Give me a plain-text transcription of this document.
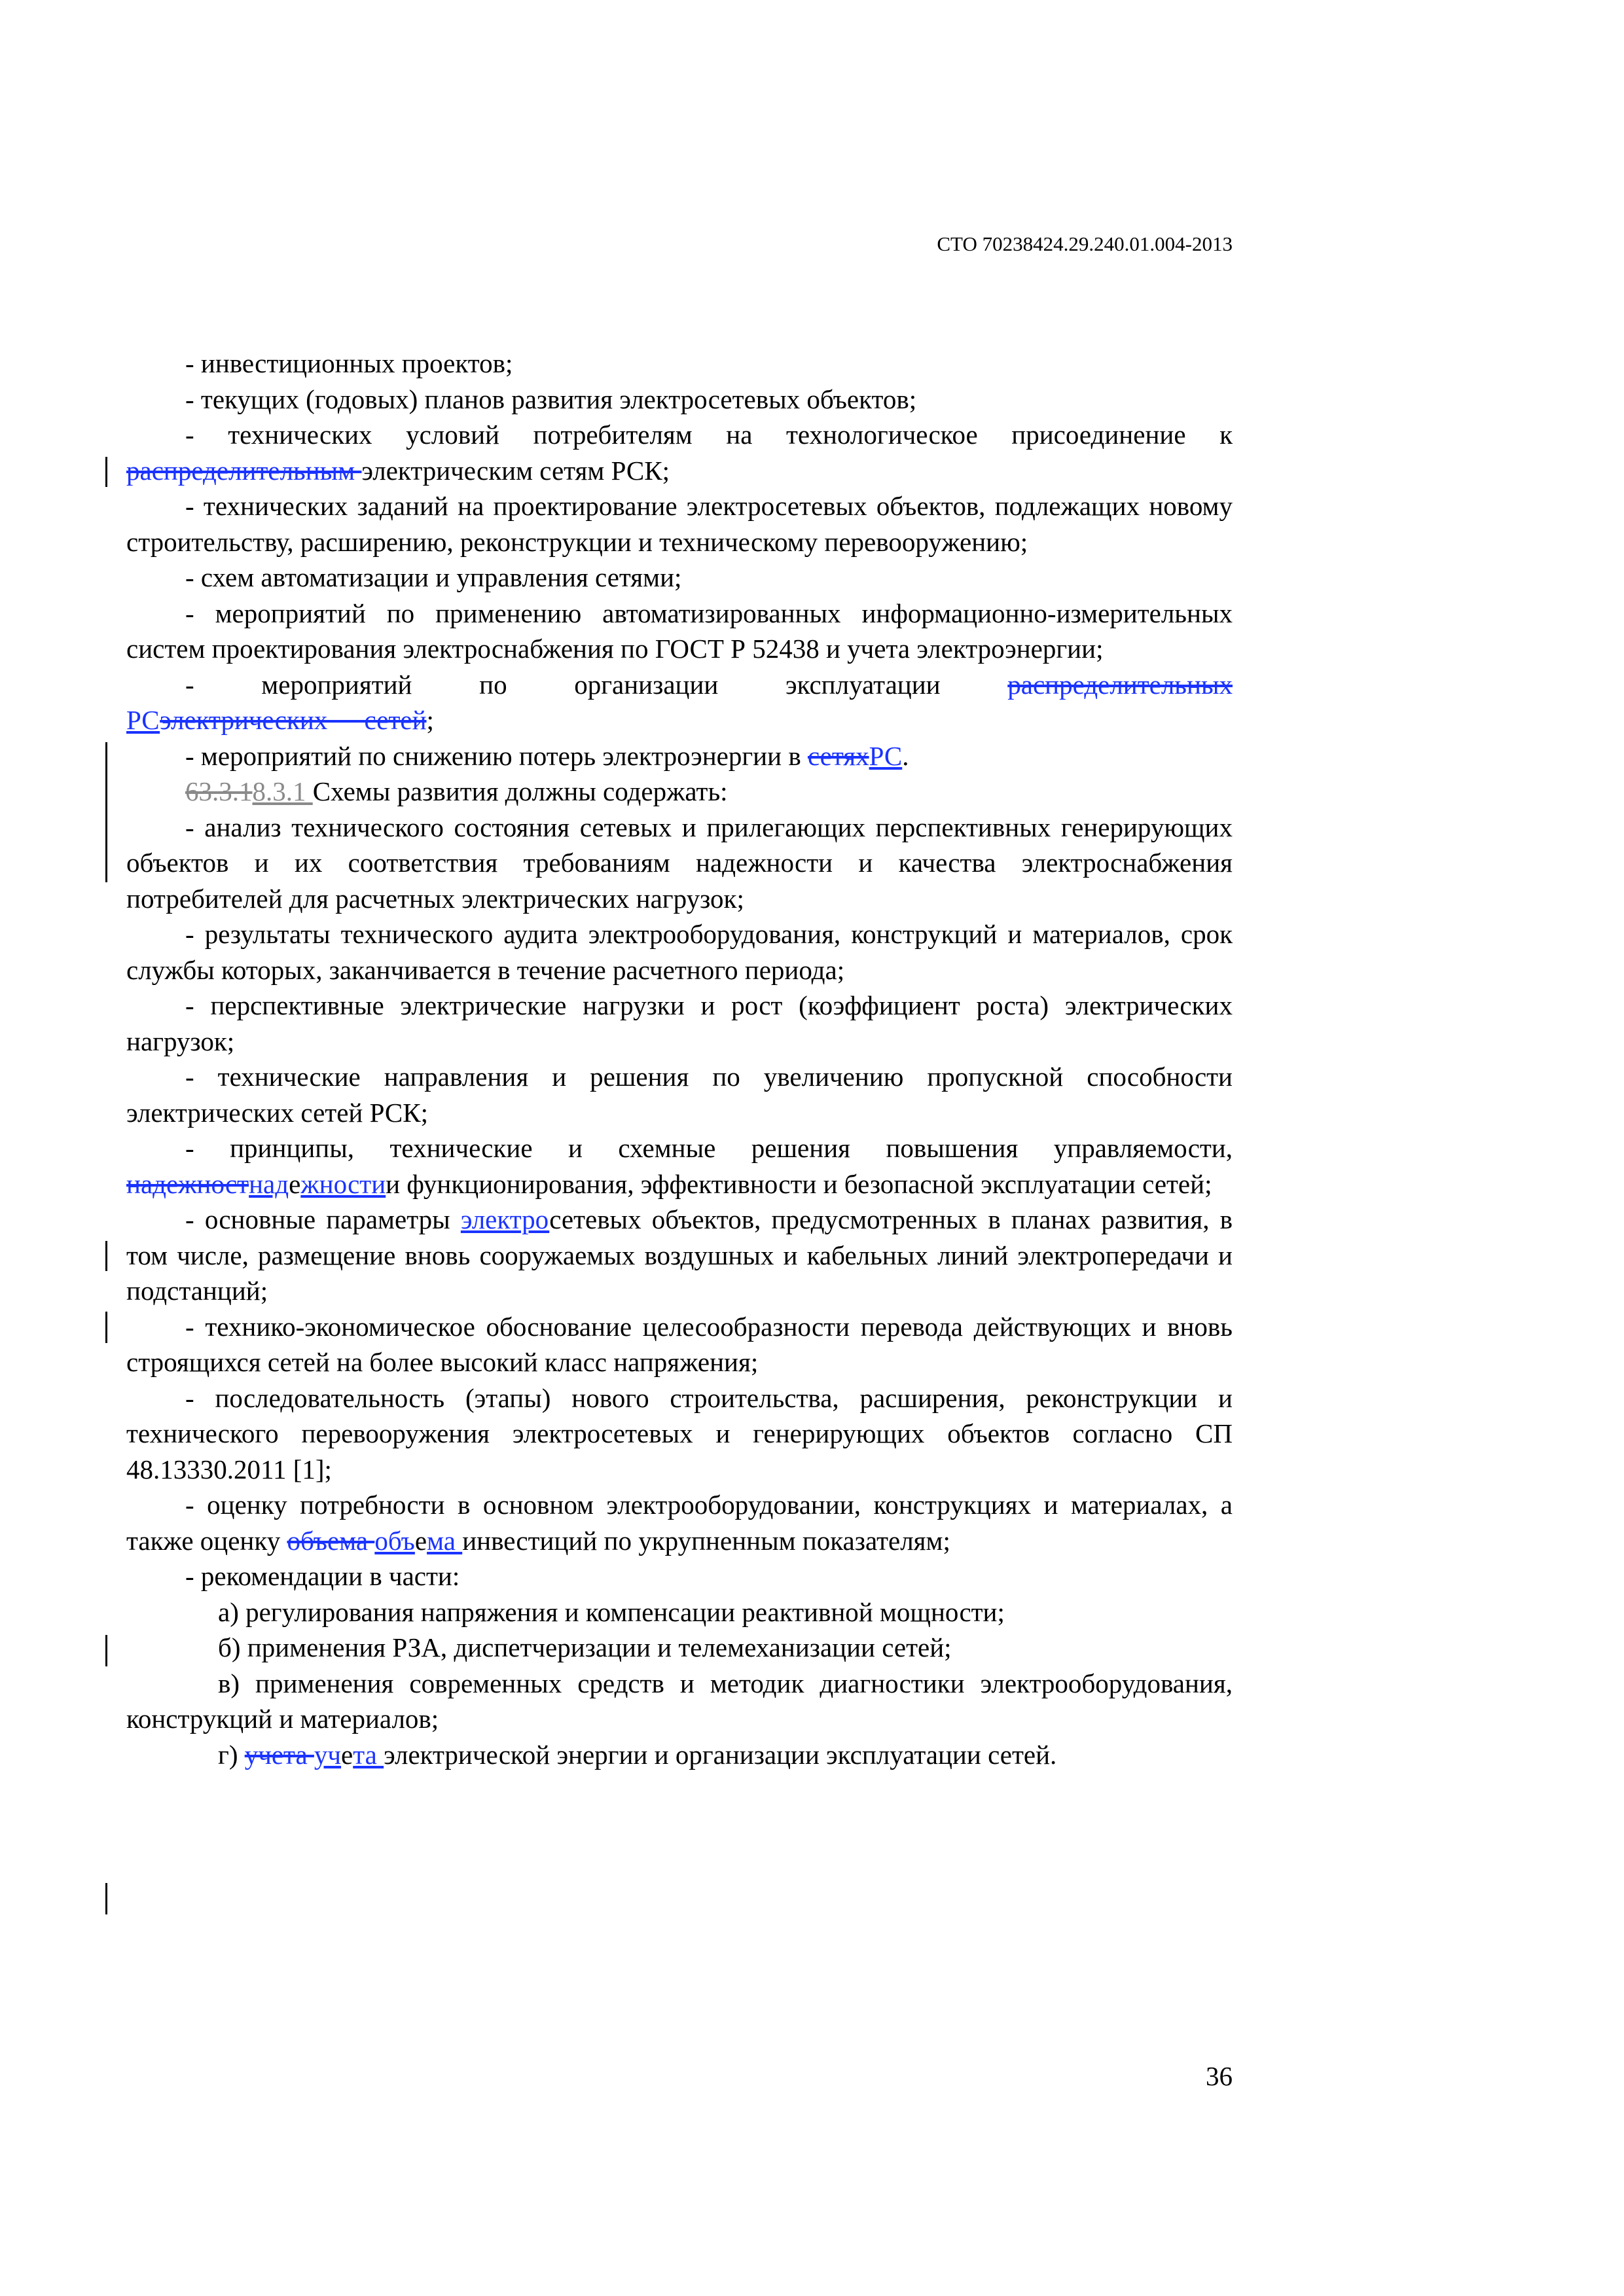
СТО 70238424.29.240.01.004-2013

- инвестиционных проектов;

- текущих (годовых) планов развития электросетевых объектов;

- технических условий потребителям на технологическое присоединение к

распределительным электрическим сетям РСК;

- технических заданий на проектирование электросетевых объектов, подлежащих новому строительству, расширению, реконструкции и техническому перевооружению;

- схем автоматизации и управления сетями;

- мероприятий по применению автоматизированных информационно-измерительных систем проектирования электроснабжения по ГОСТ Р 52438 и учета электроэнергии;

- мероприятий по организации эксплуатации распределительных РСэлектрических сетей;

- мероприятий по снижению потерь электроэнергии в сетяхРС.

63.3.18.3.1 Схемы развития должны содержать:

- анализ технического состояния сетевых и прилегающих перспективных генерирующих объектов и их соответствия требованиям надежности и качества электроснабжения потребителей для расчетных электрических нагрузок;

- результаты технического аудита электрооборудования, конструкций и материалов, срок службы которых, заканчивается в течение расчетного периода;

- перспективные электрические нагрузки и рост (коэффициент роста) электрических нагрузок;

- технические направления и решения по увеличению пропускной способности электрических сетей РСК;

- принципы, технические и схемные решения повышения управляемости, надежностнадежностии функционирования, эффективности и безопасной эксплуатации сетей;

- основные параметры электросетевых объектов, предусмотренных в планах развития, в том числе, размещение вновь сооружаемых воздушных и кабельных линий электропередачи и подстанций;

- технико-экономическое обоснование целесообразности перевода действующих и вновь строящихся сетей на более высокий класс напряжения;

- последовательность (этапы) нового строительства, расширения, реконструкции и технического перевооружения электросетевых и генерирующих объектов согласно СП 48.13330.2011 [1];

- оценку потребности в основном электрооборудовании, конструкциях и материалах, а также оценку объема объема инвестиций по укрупненным показателям;

- рекомендации в части:

а) регулирования напряжения и компенсации реактивной мощности;

б) применения РЗА, диспетчеризации и телемеханизации сетей;

в) применения современных средств и методик диагностики электрооборудования, конструкций и материалов;

г) учета учета электрической энергии и организации эксплуатации сетей.

36
